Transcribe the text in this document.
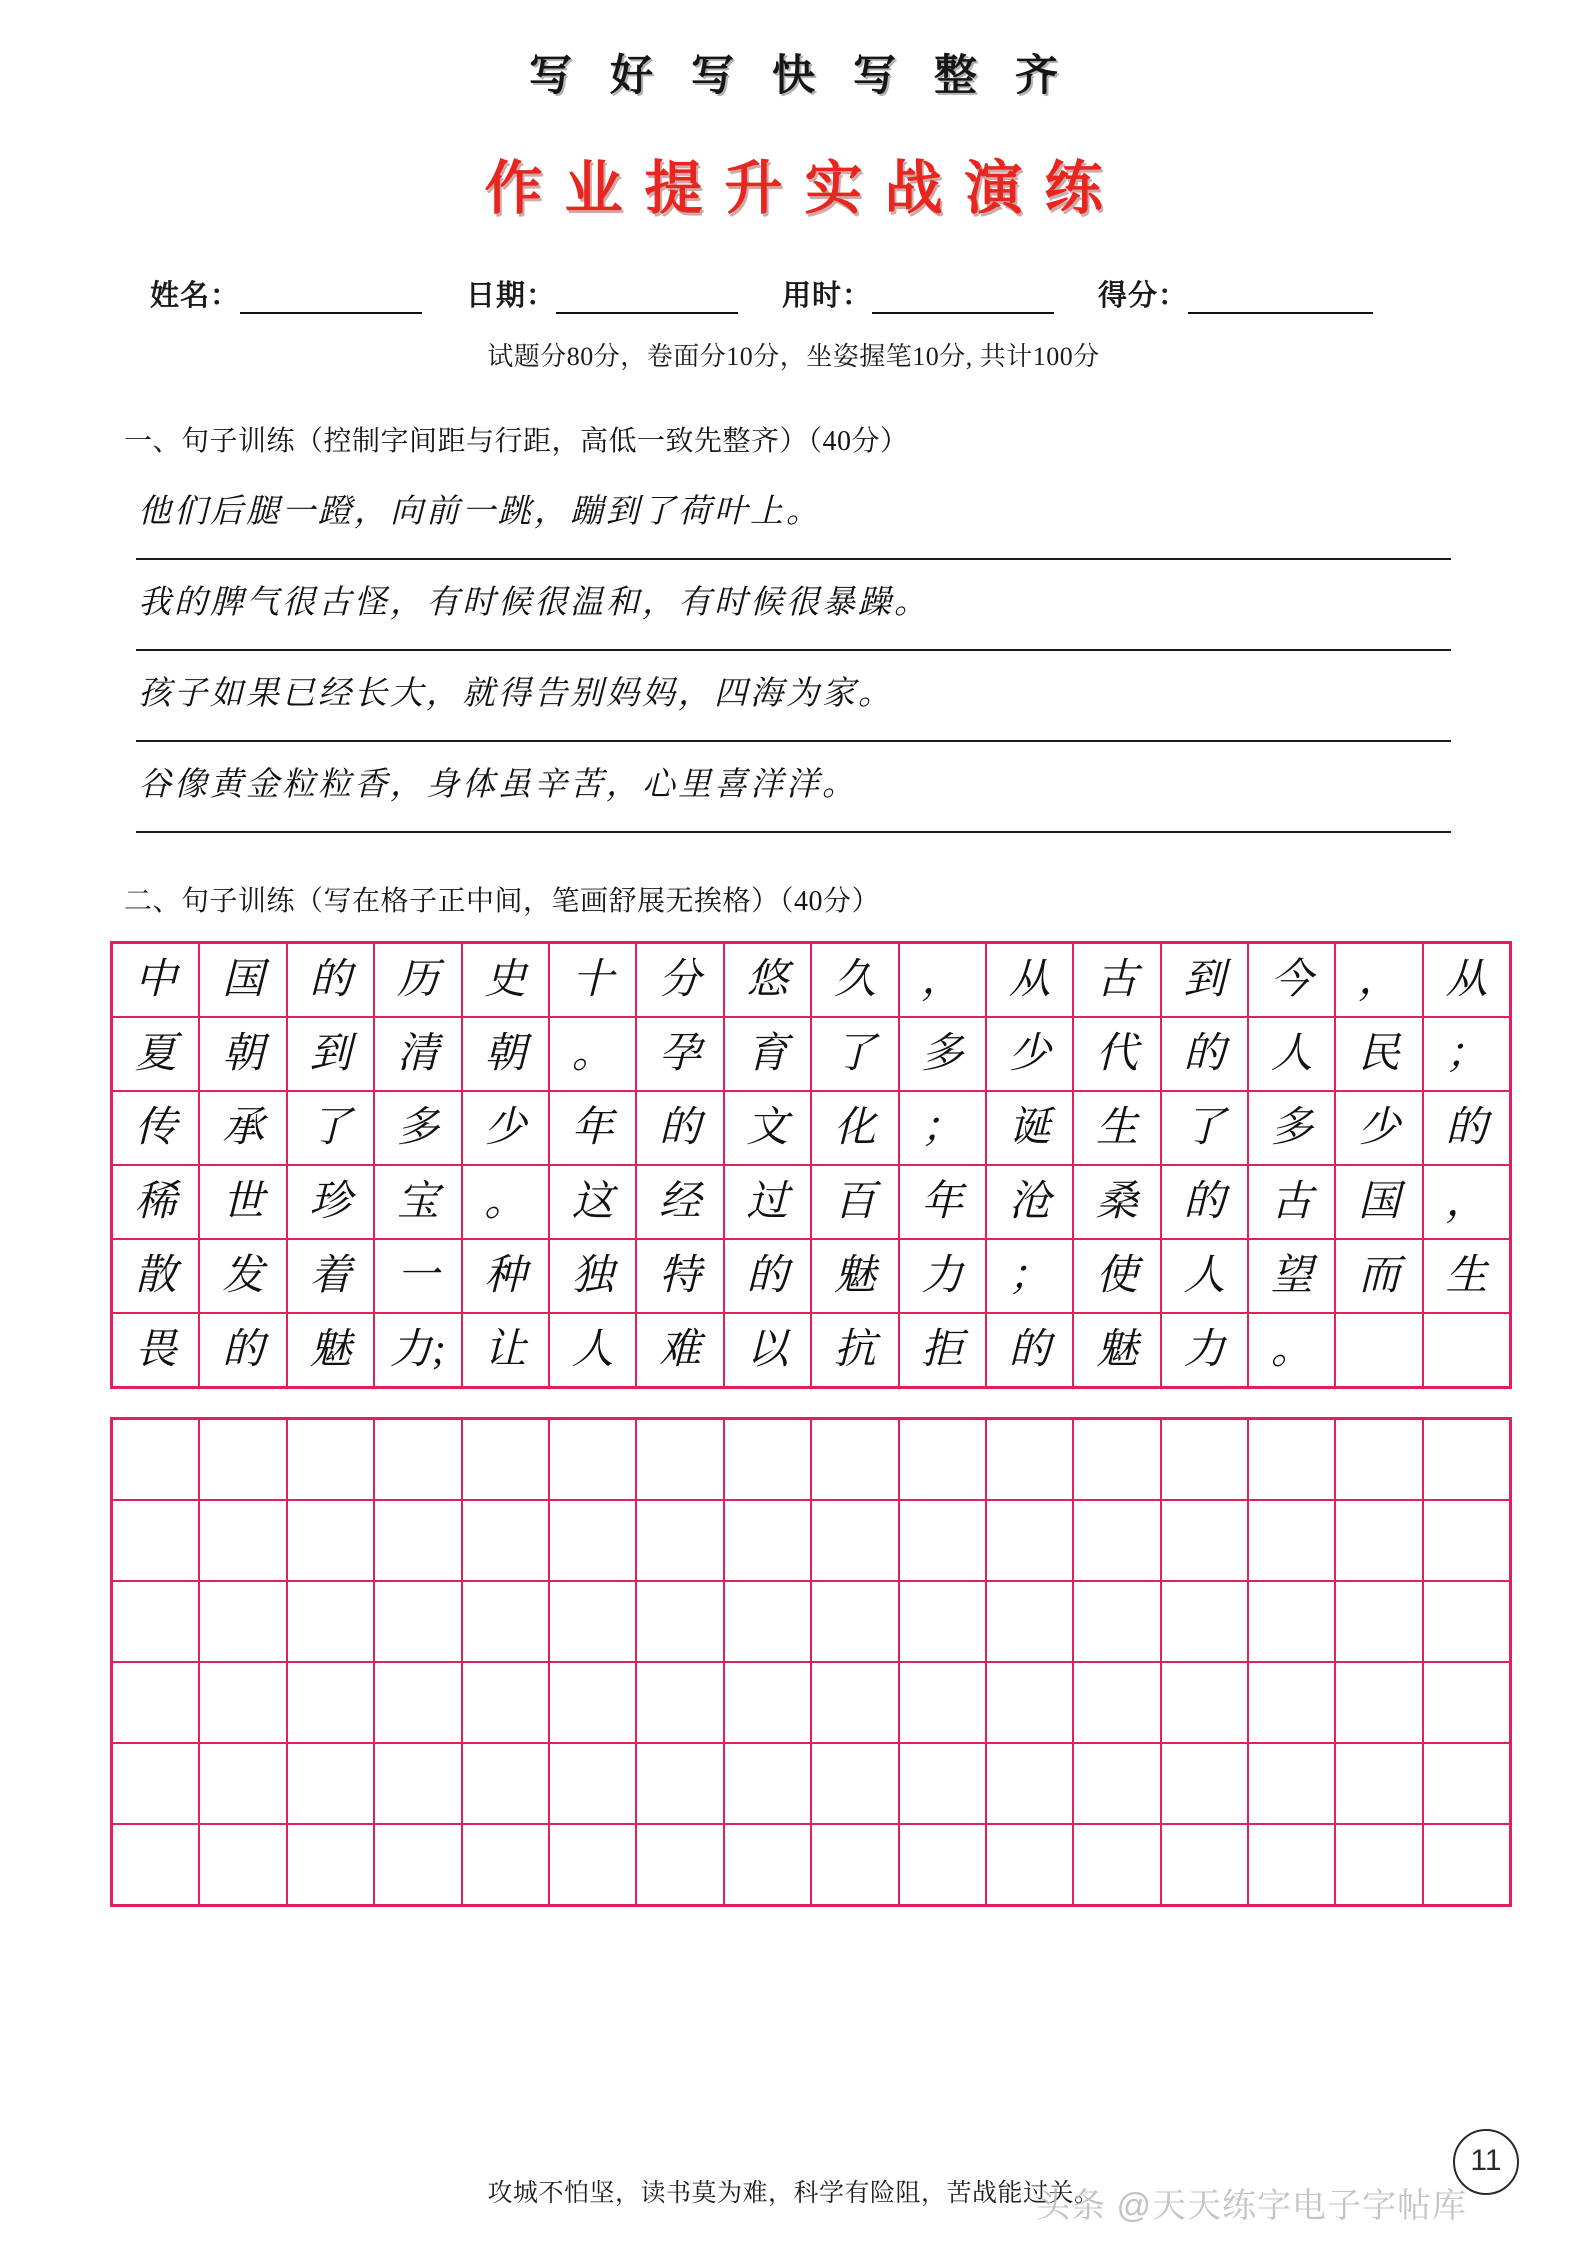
写好写快写整齐
作业提升实战演练
姓名：	日期：	用时：	得分：
试题分80分，卷面分10分，坐姿握笔10分, 共计100分
一、句子训练（控制字间距与行距，高低一致先整齐）（40分）
他们后腿一蹬，向前一跳，蹦到了荷叶上。
我的脾气很古怪，有时候很温和，有时候很暴躁。
孩子如果已经长大，就得告别妈妈，四海为家。
谷像黄金粒粒香，身体虽辛苦，心里喜洋洋。
二、句子训练（写在格子正中间，笔画舒展无挨格）（40分）
中	国	的	历	史	十	分	悠	久	，	从	古	到	今	，	从

夏	朝	到	清	朝	。	孕	育	了	多	少	代	的	人	民	；

传	承	了	多	少	年	的	文	化	；	诞	生	了	多	少	的

稀	世	珍	宝	。	这	经	过	百	年	沧	桑	的	古	国	，

散	发	着	一	种	独	特	的	魅	力	；	使	人	望	而	生

畏	的	魅	力;	让	人	难	以	抗	拒	的	魅	力	。		

攻城不怕坚，读书莫为难，科学有险阻，苦战能过关。
头条 @天天练字电子字帖库
11
